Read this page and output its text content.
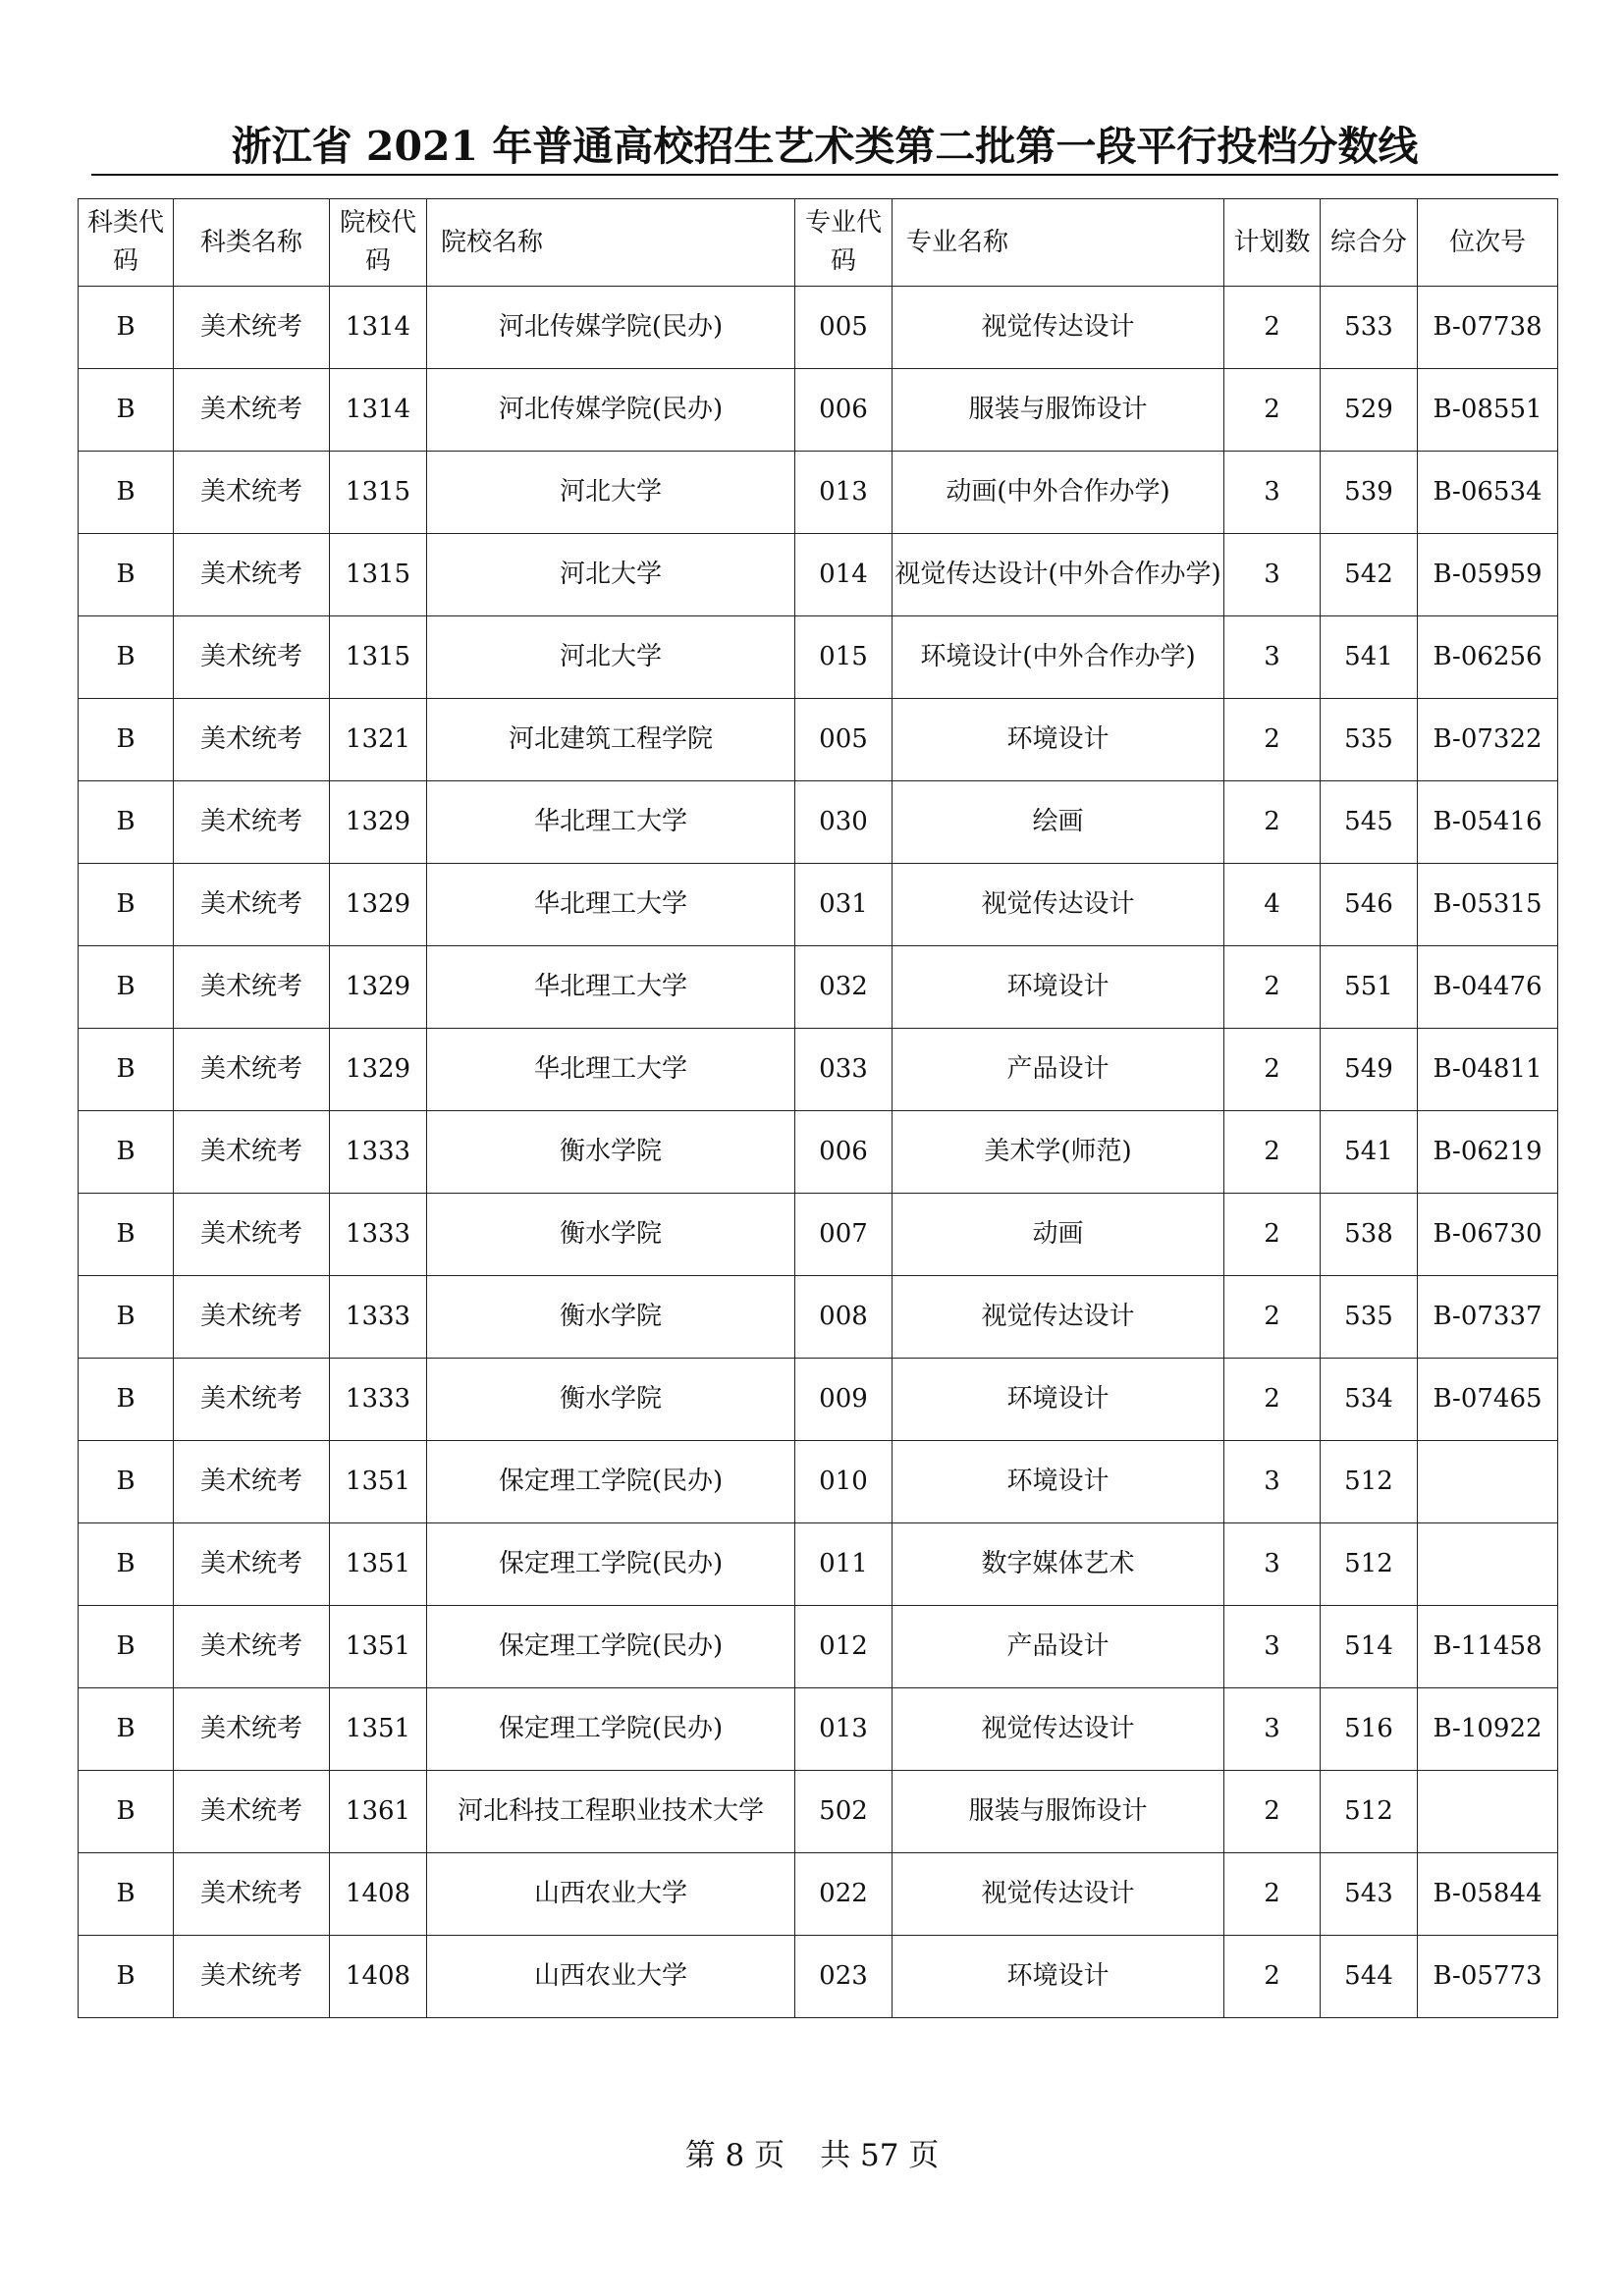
浙江省 2021 年普通高校招生艺术类第二批第一段平行投档分数线
科类代码	科类名称	院校代码	院校名称	专业代码	专业名称	计划数	综合分	位次号
B	美术统考	1314	河北传媒学院(民办)	005	视觉传达设计	2	533	B-07738
B	美术统考	1314	河北传媒学院(民办)	006	服装与服饰设计	2	529	B-08551
B	美术统考	1315	河北大学	013	动画(中外合作办学)	3	539	B-06534
B	美术统考	1315	河北大学	014	视觉传达设计(中外合作办学)	3	542	B-05959
B	美术统考	1315	河北大学	015	环境设计(中外合作办学)	3	541	B-06256
B	美术统考	1321	河北建筑工程学院	005	环境设计	2	535	B-07322
B	美术统考	1329	华北理工大学	030	绘画	2	545	B-05416
B	美术统考	1329	华北理工大学	031	视觉传达设计	4	546	B-05315
B	美术统考	1329	华北理工大学	032	环境设计	2	551	B-04476
B	美术统考	1329	华北理工大学	033	产品设计	2	549	B-04811
B	美术统考	1333	衡水学院	006	美术学(师范)	2	541	B-06219
B	美术统考	1333	衡水学院	007	动画	2	538	B-06730
B	美术统考	1333	衡水学院	008	视觉传达设计	2	535	B-07337
B	美术统考	1333	衡水学院	009	环境设计	2	534	B-07465
B	美术统考	1351	保定理工学院(民办)	010	环境设计	3	512	
B	美术统考	1351	保定理工学院(民办)	011	数字媒体艺术	3	512	
B	美术统考	1351	保定理工学院(民办)	012	产品设计	3	514	B-11458
B	美术统考	1351	保定理工学院(民办)	013	视觉传达设计	3	516	B-10922
B	美术统考	1361	河北科技工程职业技术大学	502	服装与服饰设计	2	512	
B	美术统考	1408	山西农业大学	022	视觉传达设计	2	543	B-05844
B	美术统考	1408	山西农业大学	023	环境设计	2	544	B-05773
第 8 页 共 57 页
